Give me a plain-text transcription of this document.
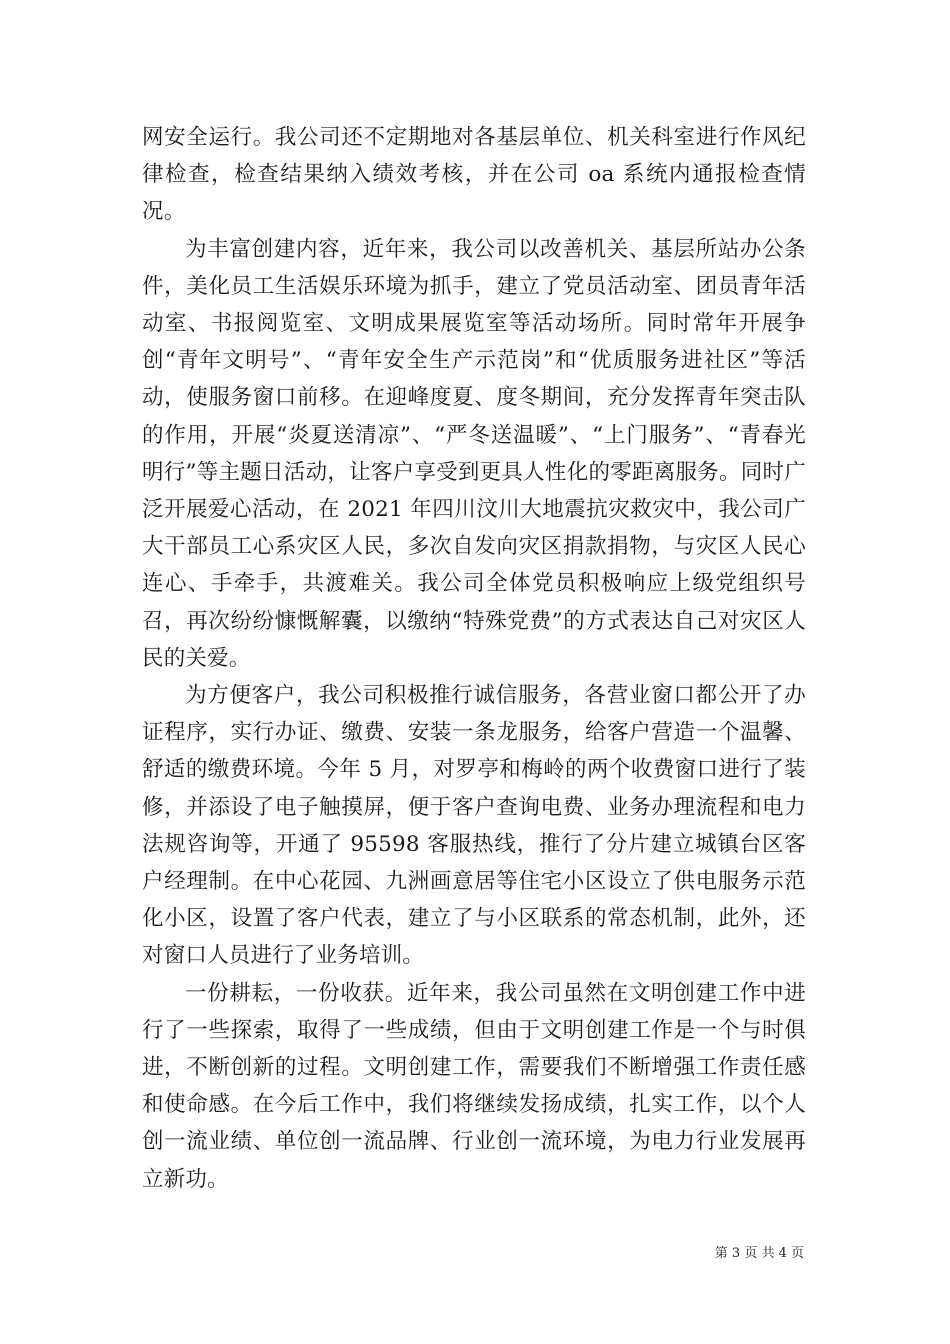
网安全运行。我公司还不定期地对各基层单位、机关科室进行作风纪律检查，检查结果纳入绩效考核，并在公司 oa 系统内通报检查情况。

为丰富创建内容，近年来，我公司以改善机关、基层所站办公条件，美化员工生活娱乐环境为抓手，建立了党员活动室、团员青年活动室、书报阅览室、文明成果展览室等活动场所。同时常年开展争创“青年文明号”、“青年安全生产示范岗”和“优质服务进社区”等活动，使服务窗口前移。在迎峰度夏、度冬期间，充分发挥青年突击队的作用，开展“炎夏送清凉”、“严冬送温暖”、“上门服务”、“青春光明行”等主题日活动，让客户享受到更具人性化的零距离服务。同时广泛开展爱心活动，在 2021 年四川汶川大地震抗灾救灾中，我公司广大干部员工心系灾区人民，多次自发向灾区捐款捐物，与灾区人民心连心、手牵手，共渡难关。我公司全体党员积极响应上级党组织号召，再次纷纷慷慨解囊，以缴纳“特殊党费”的方式表达自己对灾区人民的关爱。

为方便客户，我公司积极推行诚信服务，各营业窗口都公开了办证程序，实行办证、缴费、安装一条龙服务，给客户营造一个温馨、舒适的缴费环境。今年 5 月，对罗亭和梅岭的两个收费窗口进行了装修，并添设了电子触摸屏，便于客户查询电费、业务办理流程和电力法规咨询等，开通了 95598 客服热线，推行了分片建立城镇台区客户经理制。在中心花园、九洲画意居等住宅小区设立了供电服务示范化小区，设置了客户代表，建立了与小区联系的常态机制，此外，还对窗口人员进行了业务培训。

一份耕耘，一份收获。近年来，我公司虽然在文明创建工作中进行了一些探索，取得了一些成绩，但由于文明创建工作是一个与时俱进，不断创新的过程。文明创建工作，需要我们不断增强工作责任感和使命感。在今后工作中，我们将继续发扬成绩，扎实工作，以个人创一流业绩、单位创一流品牌、行业创一流环境，为电力行业发展再立新功。

第 3 页 共 4 页
